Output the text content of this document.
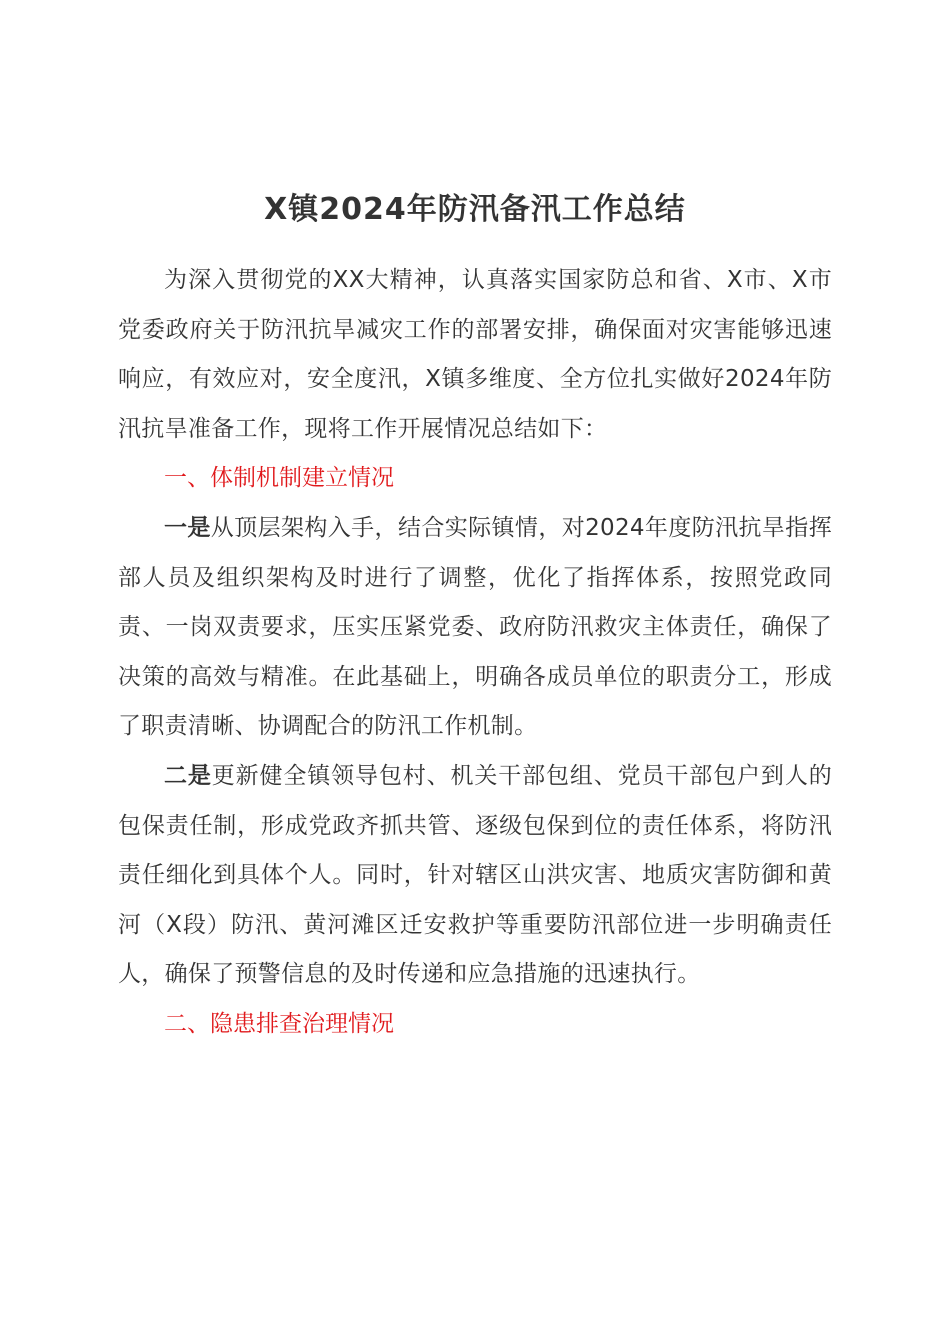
X镇2024年防汛备汛工作总结

为深入贯彻党的XX大精神，认真落实国家防总和省、X市、X市党委政府关于防汛抗旱减灾工作的部署安排，确保面对灾害能够迅速响应，有效应对，安全度汛，X镇多维度、全方位扎实做好2024年防汛抗旱准备工作，现将工作开展情况总结如下：

一、体制机制建立情况

一是从顶层架构入手，结合实际镇情，对2024年度防汛抗旱指挥部人员及组织架构及时进行了调整，优化了指挥体系，按照党政同责、一岗双责要求，压实压紧党委、政府防汛救灾主体责任，确保了决策的高效与精准。在此基础上，明确各成员单位的职责分工，形成了职责清晰、协调配合的防汛工作机制。

二是更新健全镇领导包村、机关干部包组、党员干部包户到人的包保责任制，形成党政齐抓共管、逐级包保到位的责任体系，将防汛责任细化到具体个人。同时，针对辖区山洪灾害、地质灾害防御和黄河（X段）防汛、黄河滩区迁安救护等重要防汛部位进一步明确责任人，确保了预警信息的及时传递和应急措施的迅速执行。

二、隐患排查治理情况
